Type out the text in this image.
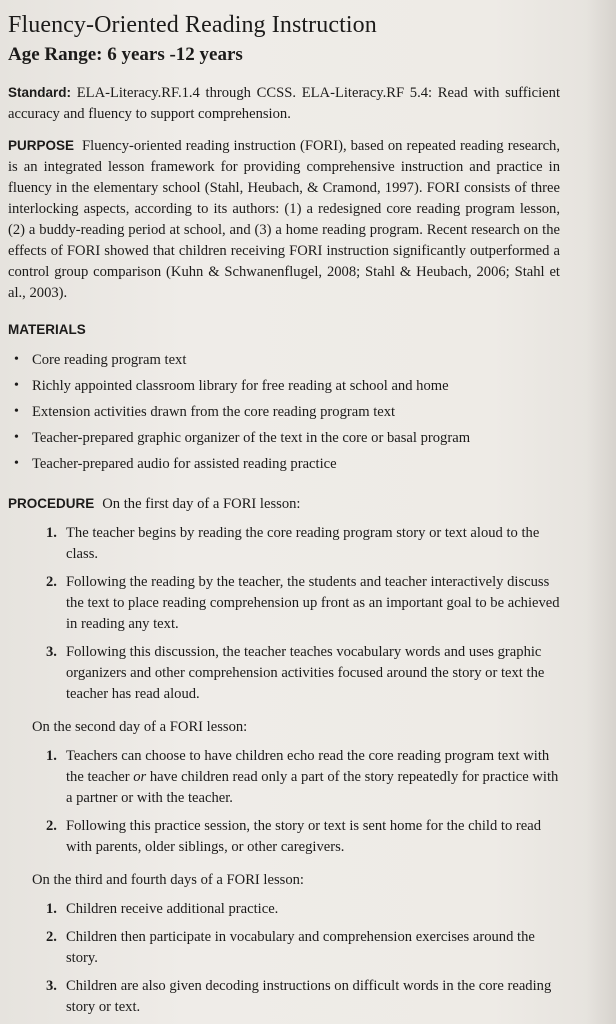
Fluency-Oriented Reading Instruction
Age Range: 6 years -12 years

Standard: ELA-Literacy.RF.1.4 through CCSS. ELA-Literacy.RF 5.4: Read with sufficient accuracy and fluency to support comprehension.

PURPOSE Fluency-oriented reading instruction (FORI), based on repeated reading research, is an integrated lesson framework for providing comprehensive instruction and practice in fluency in the elementary school (Stahl, Heubach, & Cramond, 1997). FORI consists of three interlocking aspects, according to its authors: (1) a redesigned core reading program lesson, (2) a buddy-reading period at school, and (3) a home reading program. Recent research on the effects of FORI showed that children receiving FORI instruction significantly outperformed a control group comparison (Kuhn & Schwanenflugel, 2008; Stahl & Heubach, 2006; Stahl et al., 2003).

MATERIALS
• Core reading program text
• Richly appointed classroom library for free reading at school and home
• Extension activities drawn from the core reading program text
• Teacher-prepared graphic organizer of the text in the core or basal program
• Teacher-prepared audio for assisted reading practice

PROCEDURE On the first day of a FORI lesson:

1. The teacher begins by reading the core reading program story or text aloud to the class.
2. Following the reading by the teacher, the students and teacher interactively discuss the text to place reading comprehension up front as an important goal to be achieved in reading any text.
3. Following this discussion, the teacher teaches vocabulary words and uses graphic organizers and other comprehension activities focused around the story or text the teacher has read aloud.

On the second day of a FORI lesson:

1. Teachers can choose to have children echo read the core reading program text with the teacher or have children read only a part of the story repeatedly for practice with a partner or with the teacher.
2. Following this practice session, the story or text is sent home for the child to read with parents, older siblings, or other caregivers.

On the third and fourth days of a FORI lesson:

1. Children receive additional practice.
2. Children then participate in vocabulary and comprehension exercises around the story.
3. Children are also given decoding instructions on difficult words in the core reading story or text.
